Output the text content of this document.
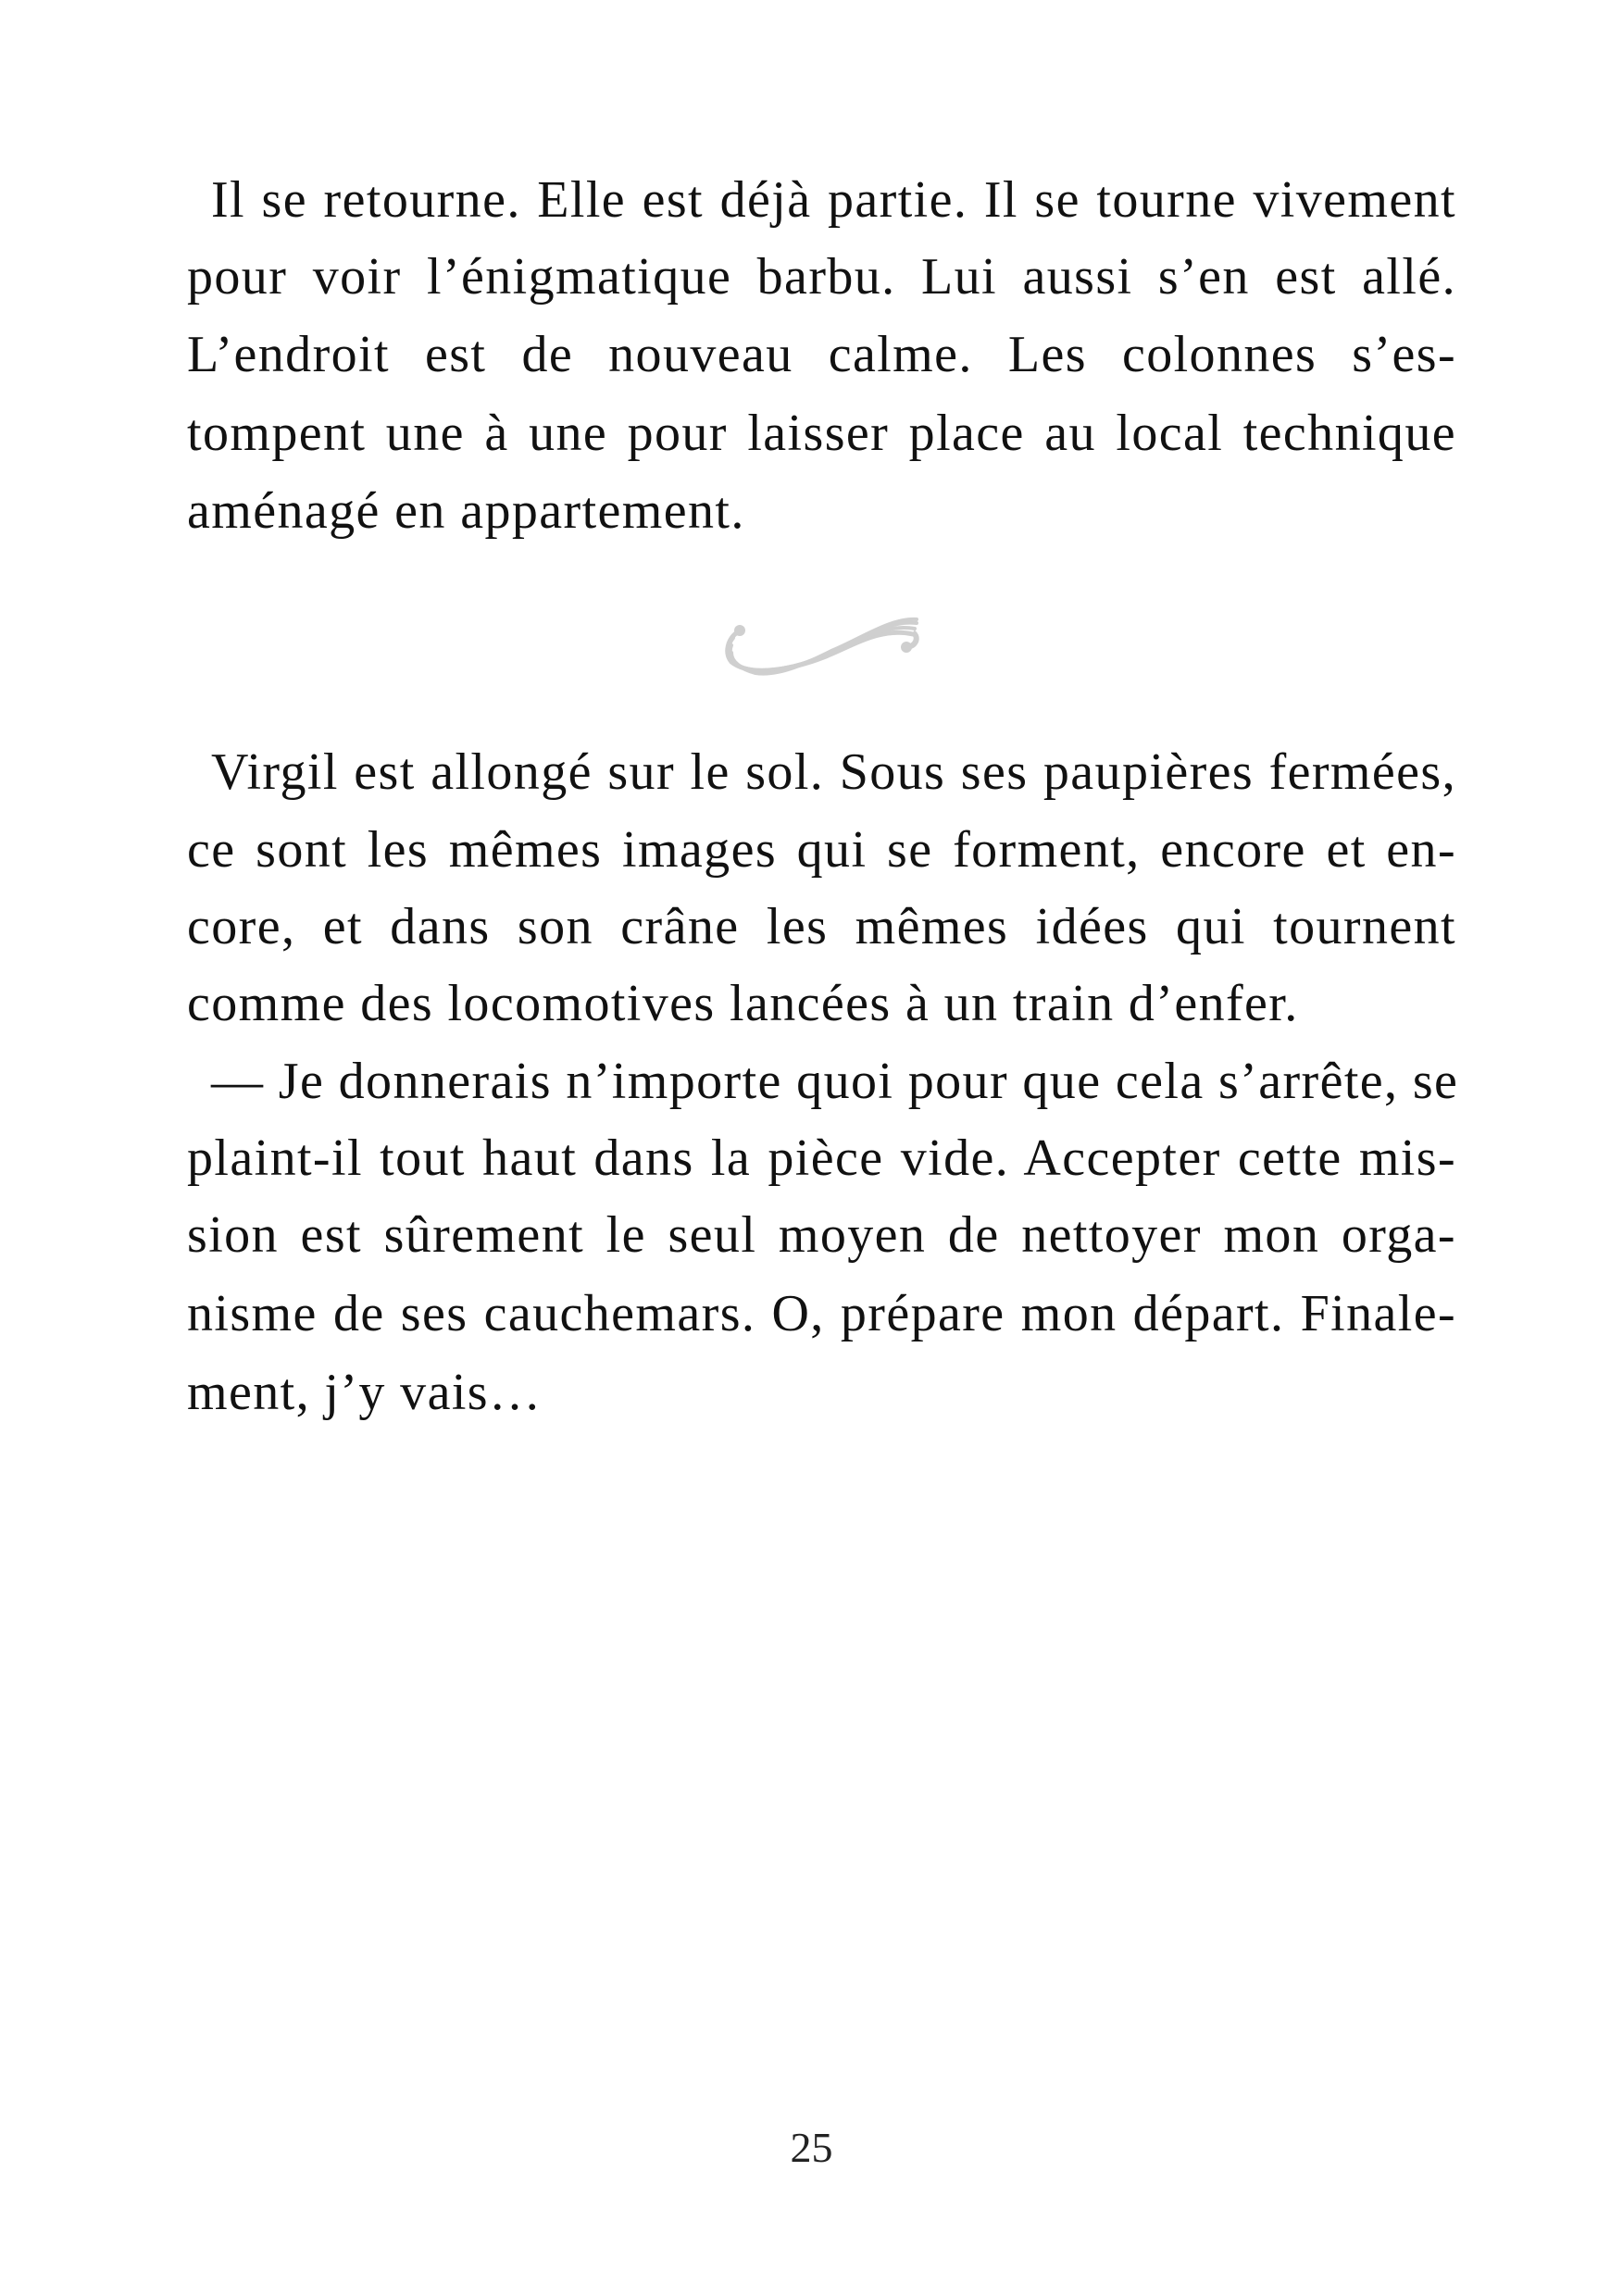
Il se retourne. Elle est déjà partie. Il se tourne vivement
pour voir l’énigmatique barbu. Lui aussi s’en est allé.
L’endroit est de nouveau calme. Les colonnes s’es-
tompent une à une pour laisser place au local technique
aménagé en appartement.
Virgil est allongé sur le sol. Sous ses paupières fermées,
ce sont les mêmes images qui se forment, encore et en-
core, et dans son crâne les mêmes idées qui tournent
comme des locomotives lancées à un train d’enfer.
— Je donnerais n’importe quoi pour que cela s’arrête, se
plaint-il tout haut dans la pièce vide. Accepter cette mis-
sion est sûrement le seul moyen de nettoyer mon orga-
nisme de ses cauchemars. O, prépare mon départ. Finale-
ment, j’y vais…
25
